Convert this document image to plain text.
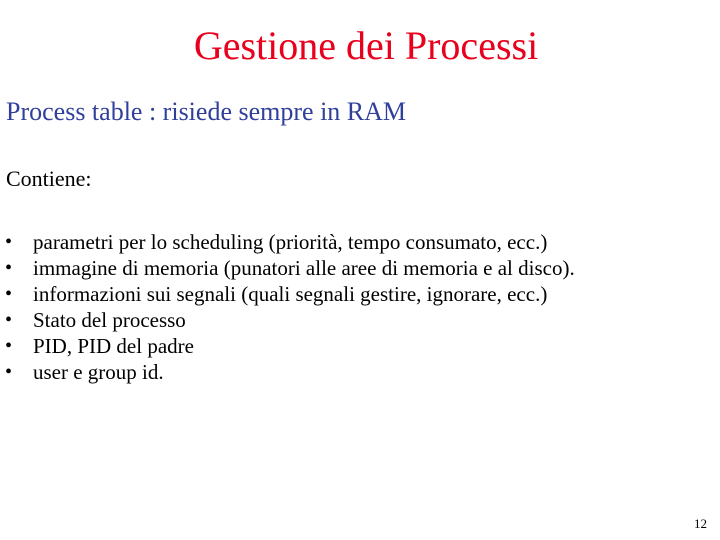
Gestione dei Processi
Process table : risiede sempre in RAM
Contiene:
• parametri per lo scheduling (priorità, tempo consumato, ecc.)
• immagine di memoria (punatori alle aree di memoria e al disco).
• informazioni sui segnali (quali segnali gestire, ignorare, ecc.)
• Stato del processo
• PID, PID del padre
• user e group id.
12
